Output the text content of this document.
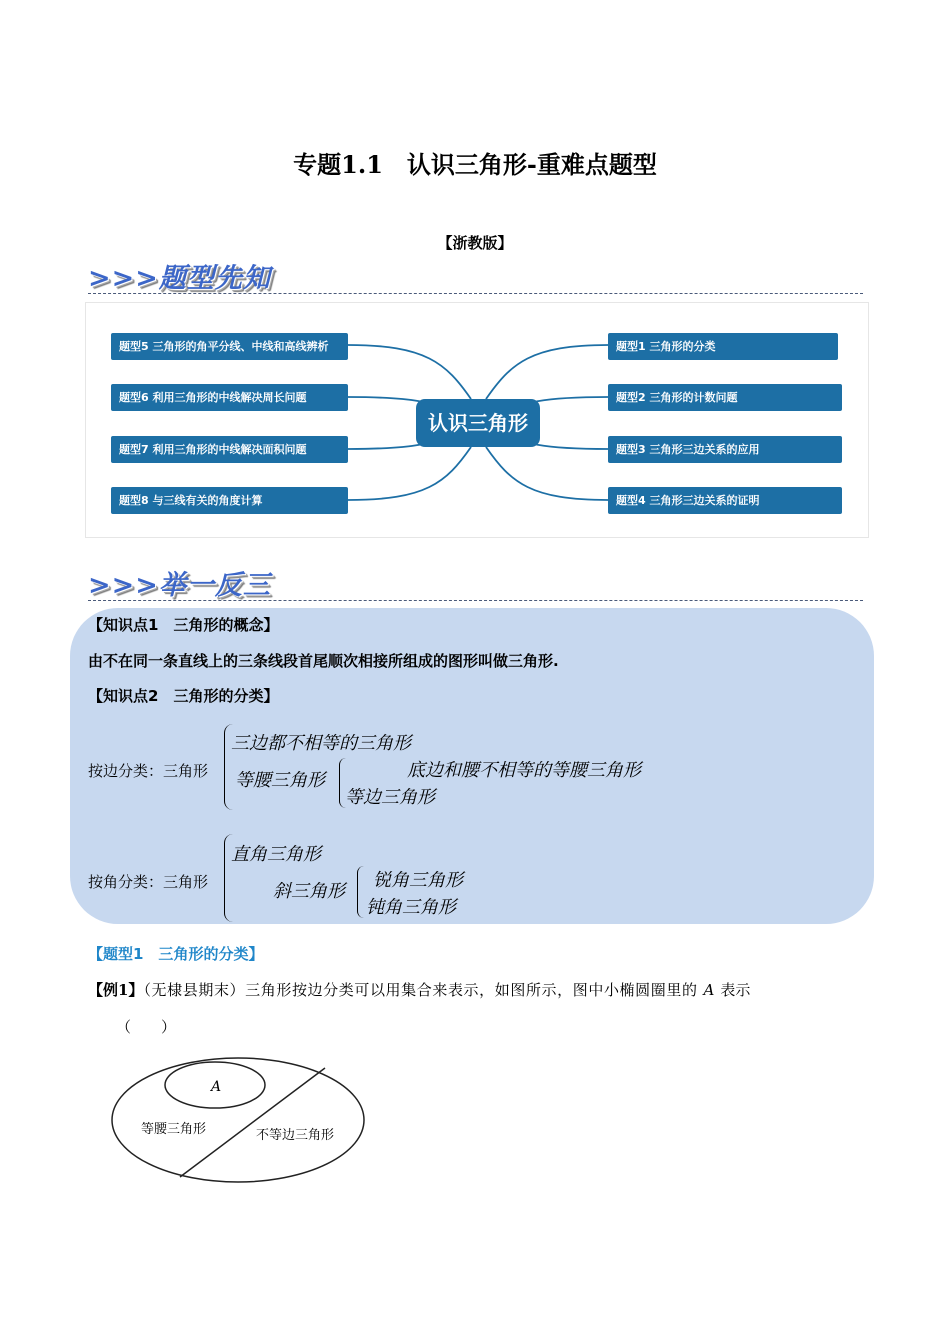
专题1.1　认识三角形-重难点题型
【浙教版】
>>>题型先知
题型5 三角形的角平分线、中线和高线辨析
题型6 利用三角形的中线解决周长问题
题型7 利用三角形的中线解决面积问题
题型8 与三线有关的角度计算
题型1 三角形的分类
题型2 三角形的计数问题
题型3 三角形三边关系的应用
题型4 三角形三边关系的证明
认识三角形
>>>举一反三
【知识点1　三角形的概念】
由不在同一条直线上的三条线段首尾顺次相接所组成的图形叫做三角形.
【知识点2　三角形的分类】
按边分类：三角形
三边都不相等的三角形
等腰三角形	底边和腰不相等的等腰三角形
等边三角形
按角分类：三角形
直角三角形
斜三角形
锐角三角形
钝角三角形
【题型1　三角形的分类】
【例1】（无棣县期末）三角形按边分类可以用集合来表示，如图所示，图中小椭圆圈里的 A 表示
（　　）
A
等腰三角形	不等边三角形
